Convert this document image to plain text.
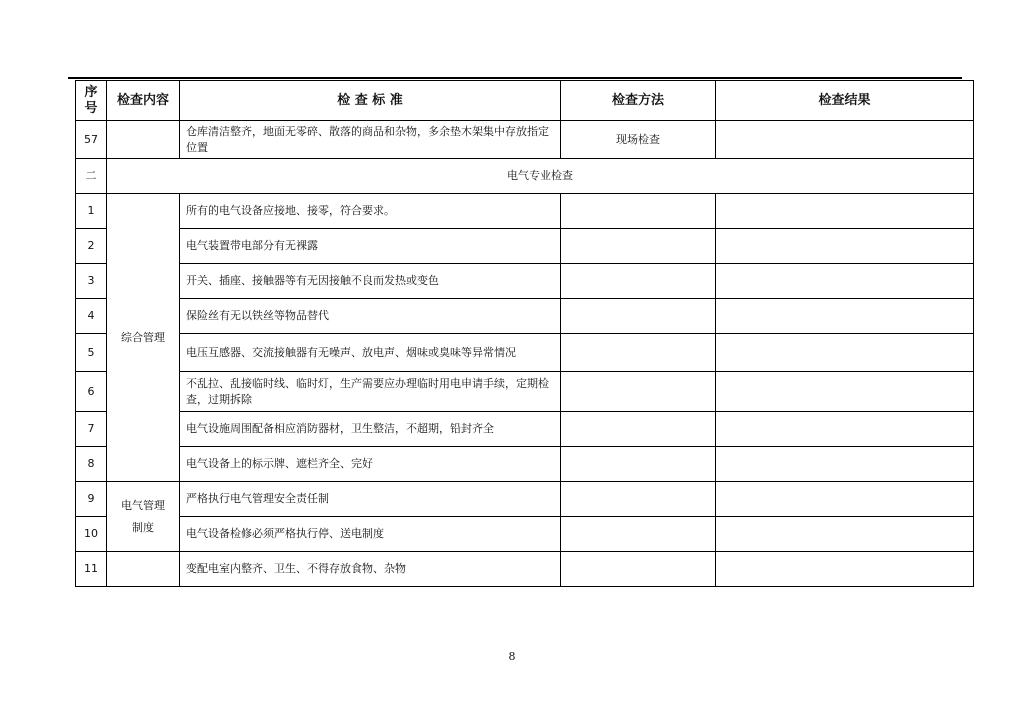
序号	检查内容	检 查 标 准	检查方法	检查结果
57		仓库清洁整齐，地面无零碎、散落的商品和杂物，多余垫木架集中存放指定位置	现场检查	
二	电气专业检查			
1	综合管理	所有的电气设备应接地、接零，符合要求。		
2		电气装置带电部分有无裸露		
3		开关、插座、接触器等有无因接触不良而发热或变色		
4		保险丝有无以铁丝等物品替代		
5		电压互感器、交流接触器有无噪声、放电声、烟味或臭味等异常情况		
6		不乱拉、乱接临时线、临时灯，生产需要应办理临时用电申请手续，定期检查，过期拆除		
7		电气设施周围配备相应消防器材，卫生整洁，不超期，铅封齐全		
8		电气设备上的标示牌、遮栏齐全、完好		
9	电气管理制度	严格执行电气管理安全责任制		
10		电气设备检修必须严格执行停、送电制度		
11		变配电室内整齐、卫生、不得存放食物、杂物		
8
